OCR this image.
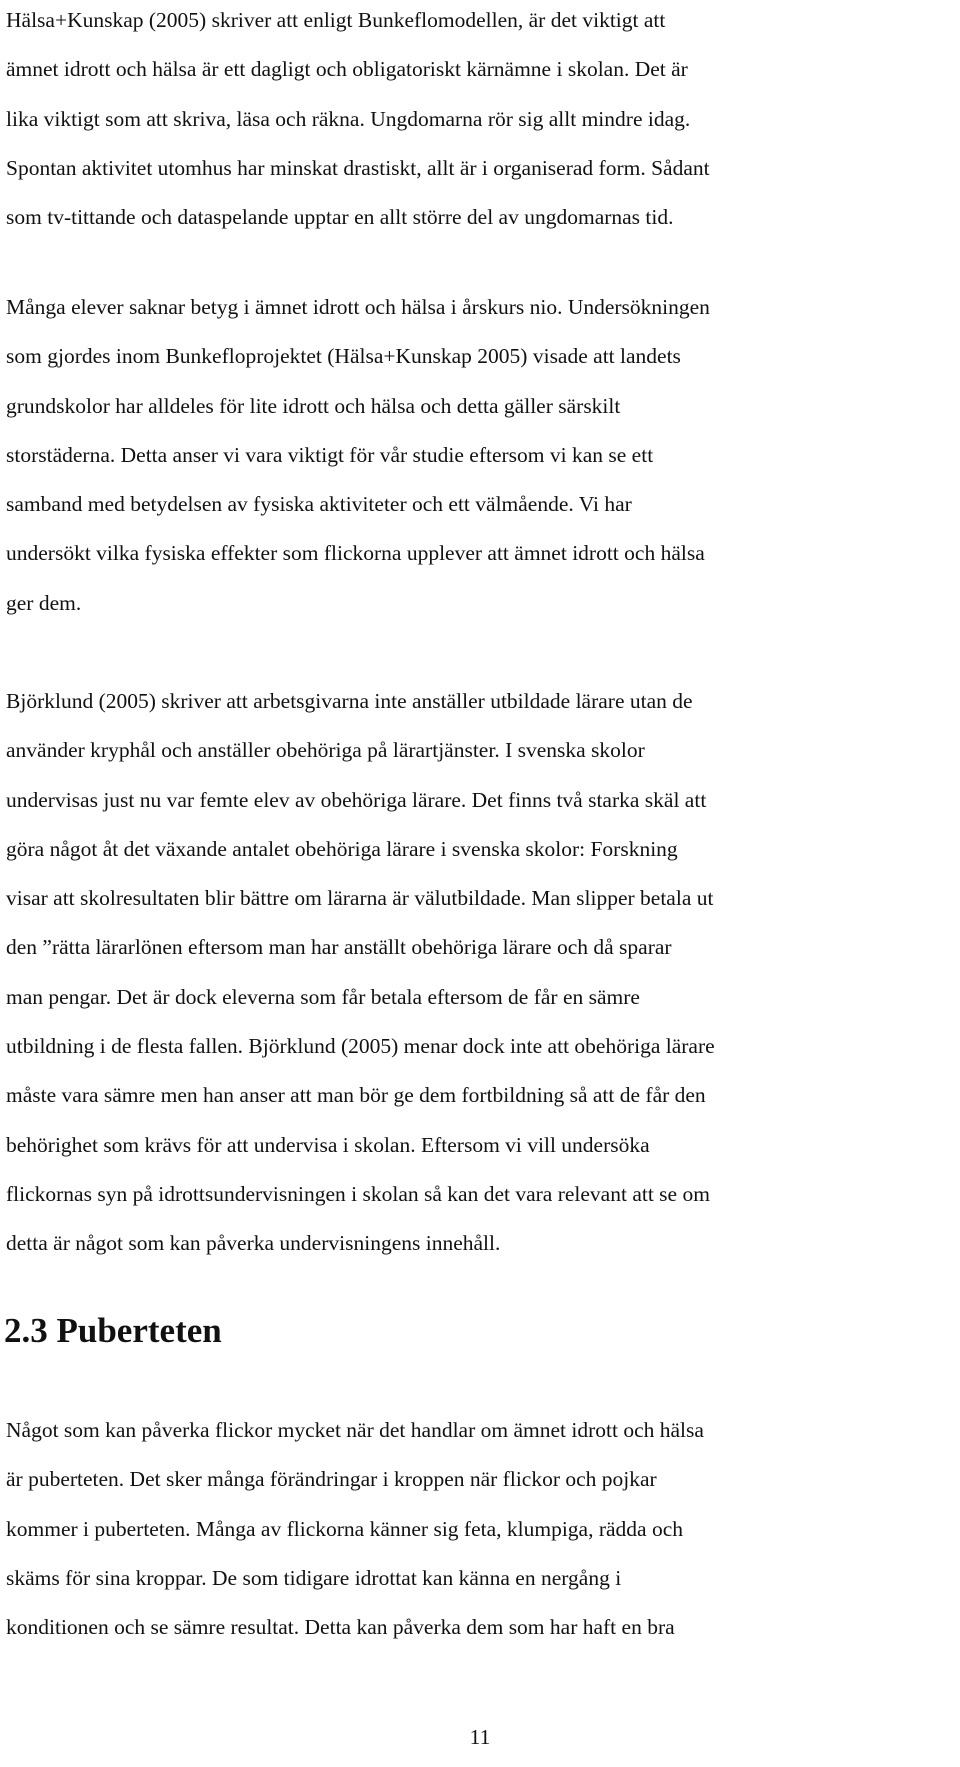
Hälsa+Kunskap (2005) skriver att enligt Bunkeflomodellen, är det viktigt att
ämnet idrott och hälsa är ett dagligt och obligatoriskt kärnämne i skolan. Det är
lika viktigt som att skriva, läsa och räkna. Ungdomarna rör sig allt mindre idag.
Spontan aktivitet utomhus har minskat drastiskt, allt är i organiserad form. Sådant
som tv-tittande och dataspelande upptar en allt större del av ungdomarnas tid.

Många elever saknar betyg i ämnet idrott och hälsa i årskurs nio. Undersökningen
som gjordes inom Bunkefloprojektet (Hälsa+Kunskap 2005) visade att landets
grundskolor har alldeles för lite idrott och hälsa och detta gäller särskilt
storstäderna. Detta anser vi vara viktigt för vår studie eftersom vi kan se ett
samband med betydelsen av fysiska aktiviteter och ett välmående. Vi har
undersökt vilka fysiska effekter som flickorna upplever att ämnet idrott och hälsa
ger dem.

Björklund (2005) skriver att arbetsgivarna inte anställer utbildade lärare utan de
använder kryphål och anställer obehöriga på lärartjänster. I svenska skolor
undervisas just nu var femte elev av obehöriga lärare. Det finns två starka skäl att
göra något åt det växande antalet obehöriga lärare i svenska skolor: Forskning
visar att skolresultaten blir bättre om lärarna är välutbildade. Man slipper betala ut
den ”rätta lärarlönen eftersom man har anställt obehöriga lärare och då sparar
man pengar. Det är dock eleverna som får betala eftersom de får en sämre
utbildning i de flesta fallen. Björklund (2005) menar dock inte att obehöriga lärare
måste vara sämre men han anser att man bör ge dem fortbildning så att de får den
behörighet som krävs för att undervisa i skolan. Eftersom vi vill undersöka
flickornas syn på idrottsundervisningen i skolan så kan det vara relevant att se om
detta är något som kan påverka undervisningens innehåll.

2.3 Puberteten

Något som kan påverka flickor mycket när det handlar om ämnet idrott och hälsa
är puberteten. Det sker många förändringar i kroppen när flickor och pojkar
kommer i puberteten. Många av flickorna känner sig feta, klumpiga, rädda och
skäms för sina kroppar. De som tidigare idrottat kan känna en nergång i
konditionen och se sämre resultat. Detta kan påverka dem som har haft en bra

11
